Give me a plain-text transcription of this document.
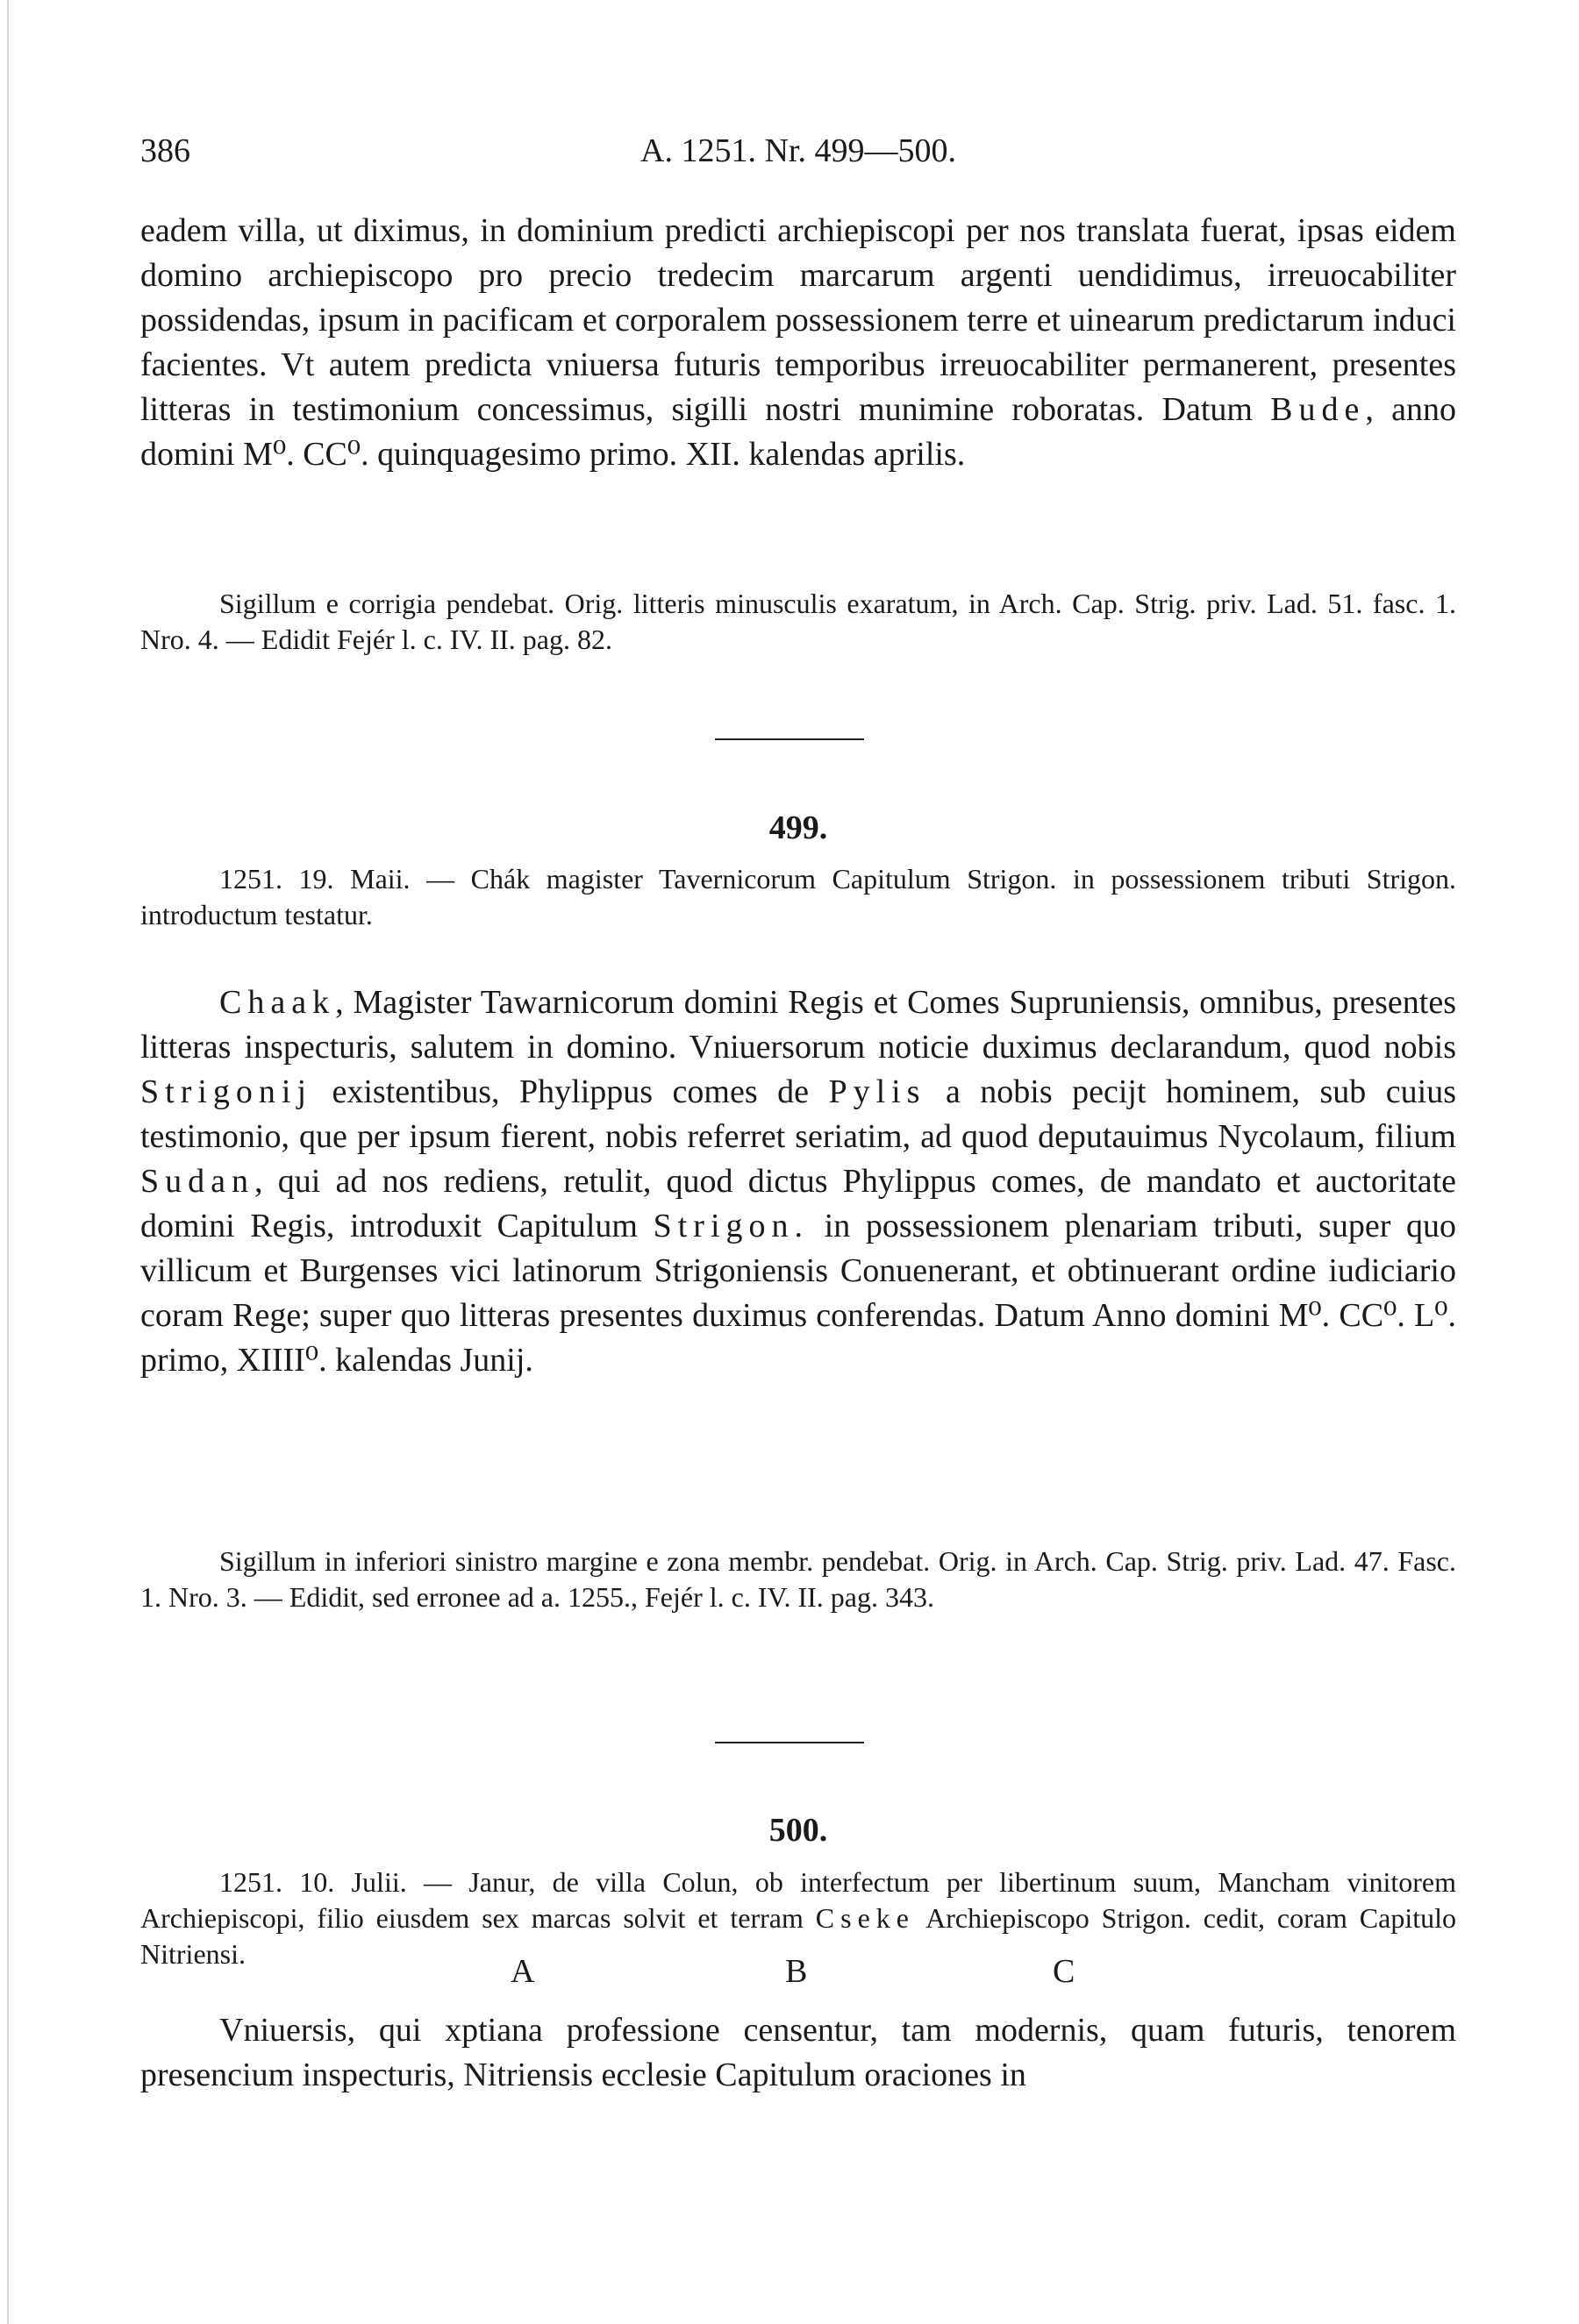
386	A. 1251. Nr. 499—500.

eadem villa, ut diximus, in dominium predicti archiepiscopi per nos translata fuerat, ipsas eidem domino archiepiscopo pro precio tredecim marcarum argenti uendidimus, irreuocabiliter possidendas, ipsum in pacificam et corporalem possessionem terre et uinearum predictarum induci facientes. Vt autem predicta vniuersa futuris temporibus irreuocabiliter permanerent, presentes litteras in testimonium concessimus, sigilli nostri munimine roboratas. Datum Bude, anno domini M⁰. CC⁰. quinquagesimo primo. XII. kalendas aprilis.

Sigillum e corrigia pendebat. Orig. litteris minusculis exaratum, in Arch. Cap. Strig. priv. Lad. 51. fasc. 1. Nro. 4. — Edidit Fejér l. c. IV. II. pag. 82.

499.

1251. 19. Maii. — Chák magister Tavernicorum Capitulum Strigon. in possessionem tributi Strigon. introductum testatur.

Chaak, Magister Tawarnicorum domini Regis et Comes Supruniensis, omnibus, presentes litteras inspecturis, salutem in domino. Vniuersorum noticie duximus declarandum, quod nobis Strigonij existentibus, Phylippus comes de Pylis a nobis pecijt hominem, sub cuius testimonio, que per ipsum fierent, nobis referret seriatim, ad quod deputauimus Nycolaum, filium Sudan, qui ad nos rediens, retulit, quod dictus Phylippus comes, de mandato et auctoritate domini Regis, introduxit Capitulum Strigon. in possessionem plenariam tributi, super quo villicum et Burgenses vici latinorum Strigoniensis Conuenerant, et obtinuerant ordine iudiciario coram Rege; super quo litteras presentes duximus conferendas. Datum Anno domini M⁰. CC⁰. L⁰. primo, XIIII⁰. kalendas Junij.

Sigillum in inferiori sinistro margine e zona membr. pendebat. Orig. in Arch. Cap. Strig. priv. Lad. 47. Fasc. 1. Nro. 3. — Edidit, sed erronee ad a. 1255., Fejér l. c. IV. II. pag. 343.

500.

1251. 10. Julii. — Janur, de villa Colun, ob interfectum per libertinum suum, Mancham vinitorem Archiepiscopi, filio eiusdem sex marcas solvit et terram Cseke Archiepiscopo Strigon. cedit, coram Capitulo Nitriensi.	A	B	C

Vniuersis, qui xptiana professione censentur, tam modernis, quam futuris, tenorem presencium inspecturis, Nitriensis ecclesie Capitulum oraciones in
